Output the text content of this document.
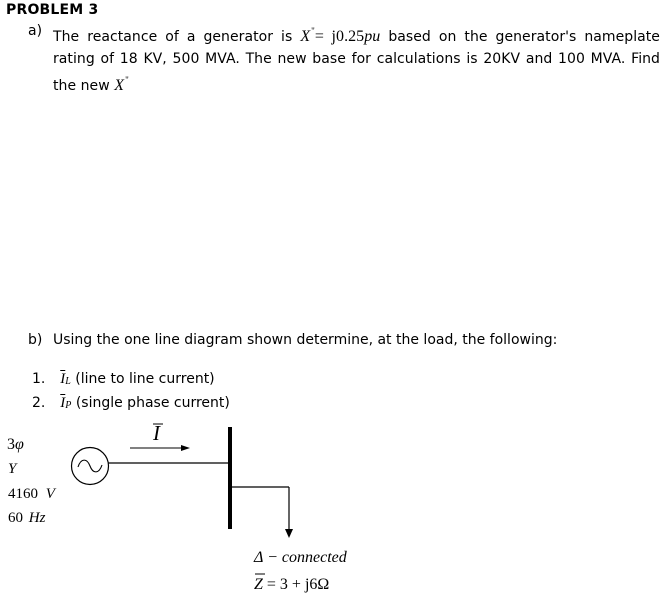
PROBLEM 3
a) The reactance of a generator is X"= j0.25pu based on the generator's nameplate rating of 18 KV, 500 MVA. The new base for calculations is 20KV and 100 MVA. Find the new X"
b) Using the one line diagram shown determine, at the load, the following:
1. $\overline{I}L$ (line to line current)
2. $\overline{I}P$ (single phase current)
I
3φ
Y
4160 V
60 Hz
Δ − connected
Z = 3 + j6Ω
